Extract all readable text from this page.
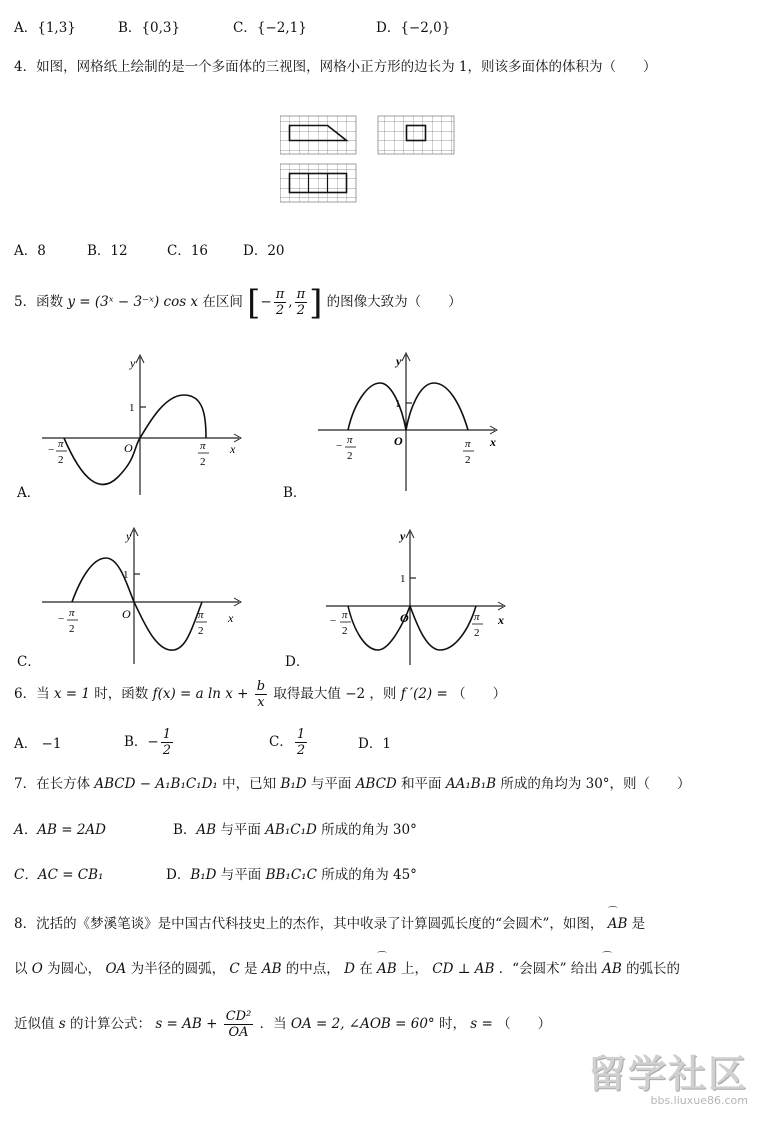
A．{1,3}	B．{0,3}	C．{−2,1}	D．{−2,0}
4．如图，网格纸上绘制的是一个多面体的三视图，网格小正方形的边长为 1，则该多面体的体积为（　　）
A．8	B．12	C．16	D．20
5．函数 y = (3ˣ − 3⁻ˣ) cos x 在区间 [− $\frac{\pi}{2}$ , $\frac{\pi}{2}$ ] 的图像大致为（　　）
y
x
O
1
− π
2
π
2
A．
y
x
O
1
− π
2
π
2
B．
y
x
O
1
− π
2
π
2
C．
y
x
O
1
− π
2
π
2
D．
6．当 x = 1 时，函数 f(x) = a $\ln x + \frac{b}{x}$ 取得最大值 −2 ，则 f ′(2) = （　　）
A． −1	B．− $\frac{1}{2}$	C． $\frac{1}{2}$	D．1
7．在长方体 ABCD − A₁B₁C₁D₁ 中，已知 B₁D 与平面 ABCD 和平面 AA₁B₁B 所成的角均为 30°，则（　　）
A．AB = 2AD	B．AB 与平面 AB₁C₁D 所成的角为 30°
C．AC = CB₁	D．B₁D 与平面 BB₁C₁C 所成的角为 45°
8．沈括的《梦溪笔谈》是中国古代科技史上的杰作，其中收录了计算圆弧长度的“会圆术”，如图， ⌒ AB 是
以 O 为圆心， OA 为半径的圆弧， C 是 AB 的中点， D 在 ⌒ AB 上， CD ⊥ AB ．“会圆术” 给出 ⌒ AB 的弧长的
近似值 s 的计算公式： s = AB + $\frac{\text{CD²}}{OA}$ ．当 OA = 2, ∠AOB = 60° 时， s = （　　）
留学社区
bbs.liuxue86.com
